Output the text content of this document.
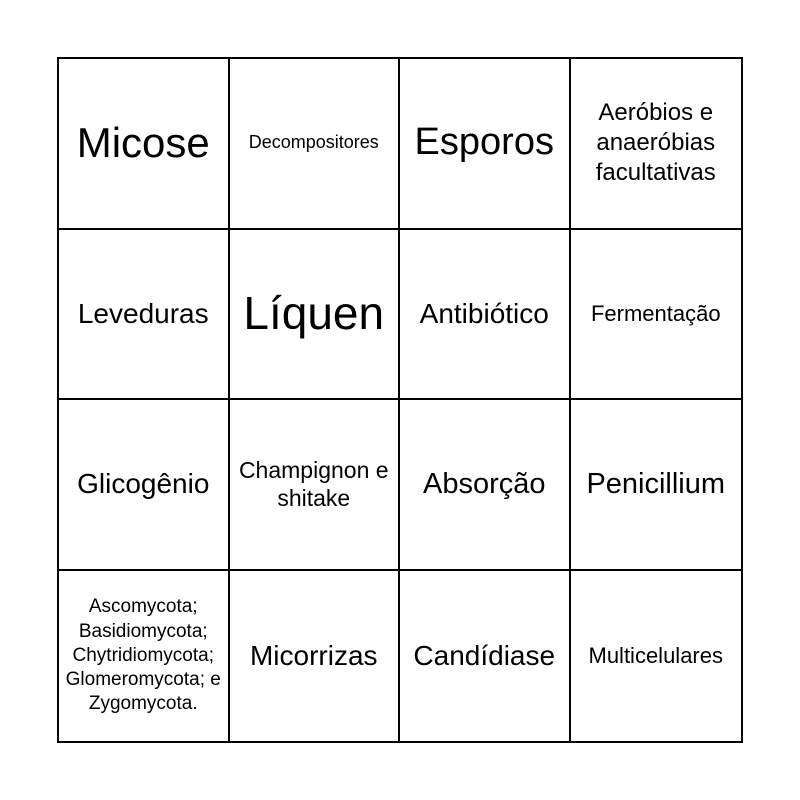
Micose Decompositores Esporos
Aeróbios e anaeróbias facultativas
Leveduras Líquen Antibiótico Fermentação
Glicogênio Champignon e shitake	Absorção Penicillium
Ascomycota; Basidiomycota; Chytridiomycota; Glomeromycota; e Zygomycota.
Micorrizas Candídiase Multicelulares
